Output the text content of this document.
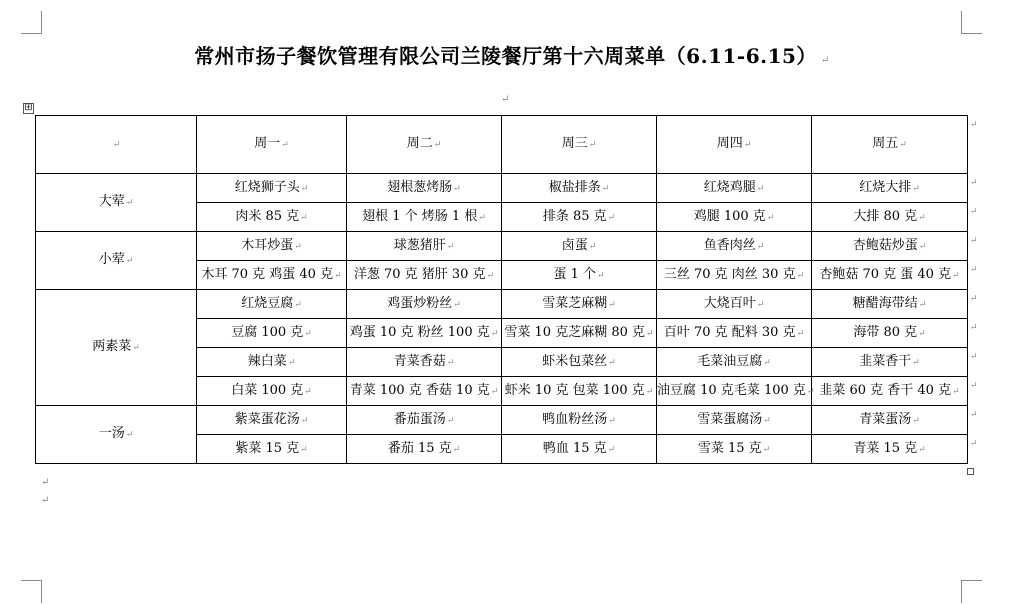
常州市扬子餐饮管理有限公司兰陵餐厅第十六周菜单（6.11-6.15） ↵
↵
⊞
↵	周一↵	周二↵	周三↵	周四↵	周五↵
大荤↵	红烧狮子头↵	翅根葱烤肠↵	椒盐排条↵	红烧鸡腿↵	红烧大排↵
	肉米 85 克↵	翅根 1 个 烤肠 1 根↵	排条 85 克↵	鸡腿 100 克↵	大排 80 克↵
小荤↵	木耳炒蛋↵	球葱猪肝↵	卤蛋↵	鱼香肉丝↵	杏鲍菇炒蛋↵
	木耳 70 克 鸡蛋 40 克↵	洋葱 70 克 猪肝 30 克↵	蛋 1 个↵	三丝 70 克 肉丝 30 克↵	杏鲍菇 70 克 蛋 40 克↵
两素菜↵	红烧豆腐↵	鸡蛋炒粉丝↵	雪菜芝麻糊↵	大烧百叶↵	糖醋海带结↵
	豆腐 100 克↵	鸡蛋 10 克 粉丝 100 克↵	雪菜 10 克芝麻糊 80 克↵	百叶 70 克 配料 30 克↵	海带 80 克↵
	辣白菜↵	青菜香菇↵	虾米包菜丝↵	毛菜油豆腐↵	韭菜香干↵
	白菜 100 克↵	青菜 100 克 香菇 10 克↵	虾米 10 克 包菜 100 克↵	油豆腐 10 克毛菜 100 克↵	韭菜 60 克 香干 40 克↵
一汤↵	紫菜蛋花汤↵	番茄蛋汤↵	鸭血粉丝汤↵	雪菜蛋腐汤↵	青菜蛋汤↵
	紫菜 15 克↵	番茄 15 克↵	鸭血 15 克↵	雪菜 15 克↵	青菜 15 克↵
↵
↵
↵
↵
↵
↵
↵
↵
↵
↵
↵
↵
↵
